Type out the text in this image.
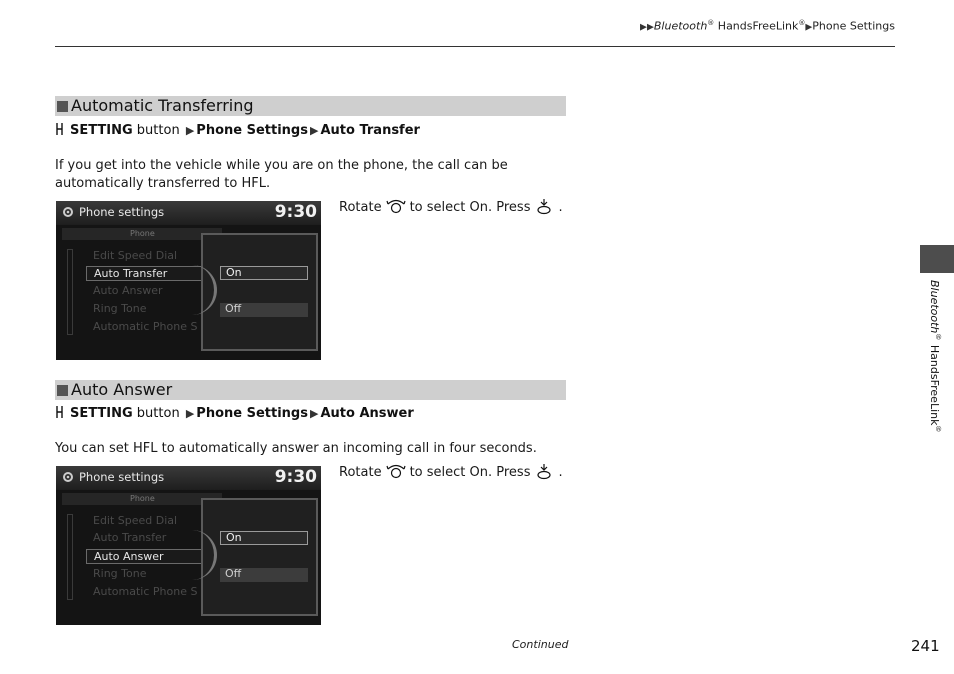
▶▶Bluetooth® HandsFreeLink®▶Phone Settings
Automatic Transferring
SETTING button ▶ Phone Settings ▶ Auto Transfer

If you get into the vehicle while you are on the phone, the call can be automatically transferred to HFL.

Phone settings	9:30
Phone
Edit Speed Dial
Auto Transfer
Auto Answer
Ring Tone
Automatic Phone S
On
Off
Rotate to select On. Press .
Auto Answer
SETTING button ▶ Phone Settings ▶ Auto Answer

You can set HFL to automatically answer an incoming call in four seconds.

Phone settings	9:30
Phone
Edit Speed Dial
Auto Transfer
Auto Answer
Ring Tone
Automatic Phone S
On
Off
Rotate to select On. Press .
Continued	241
Bluetooth® HandsFreeLink®
